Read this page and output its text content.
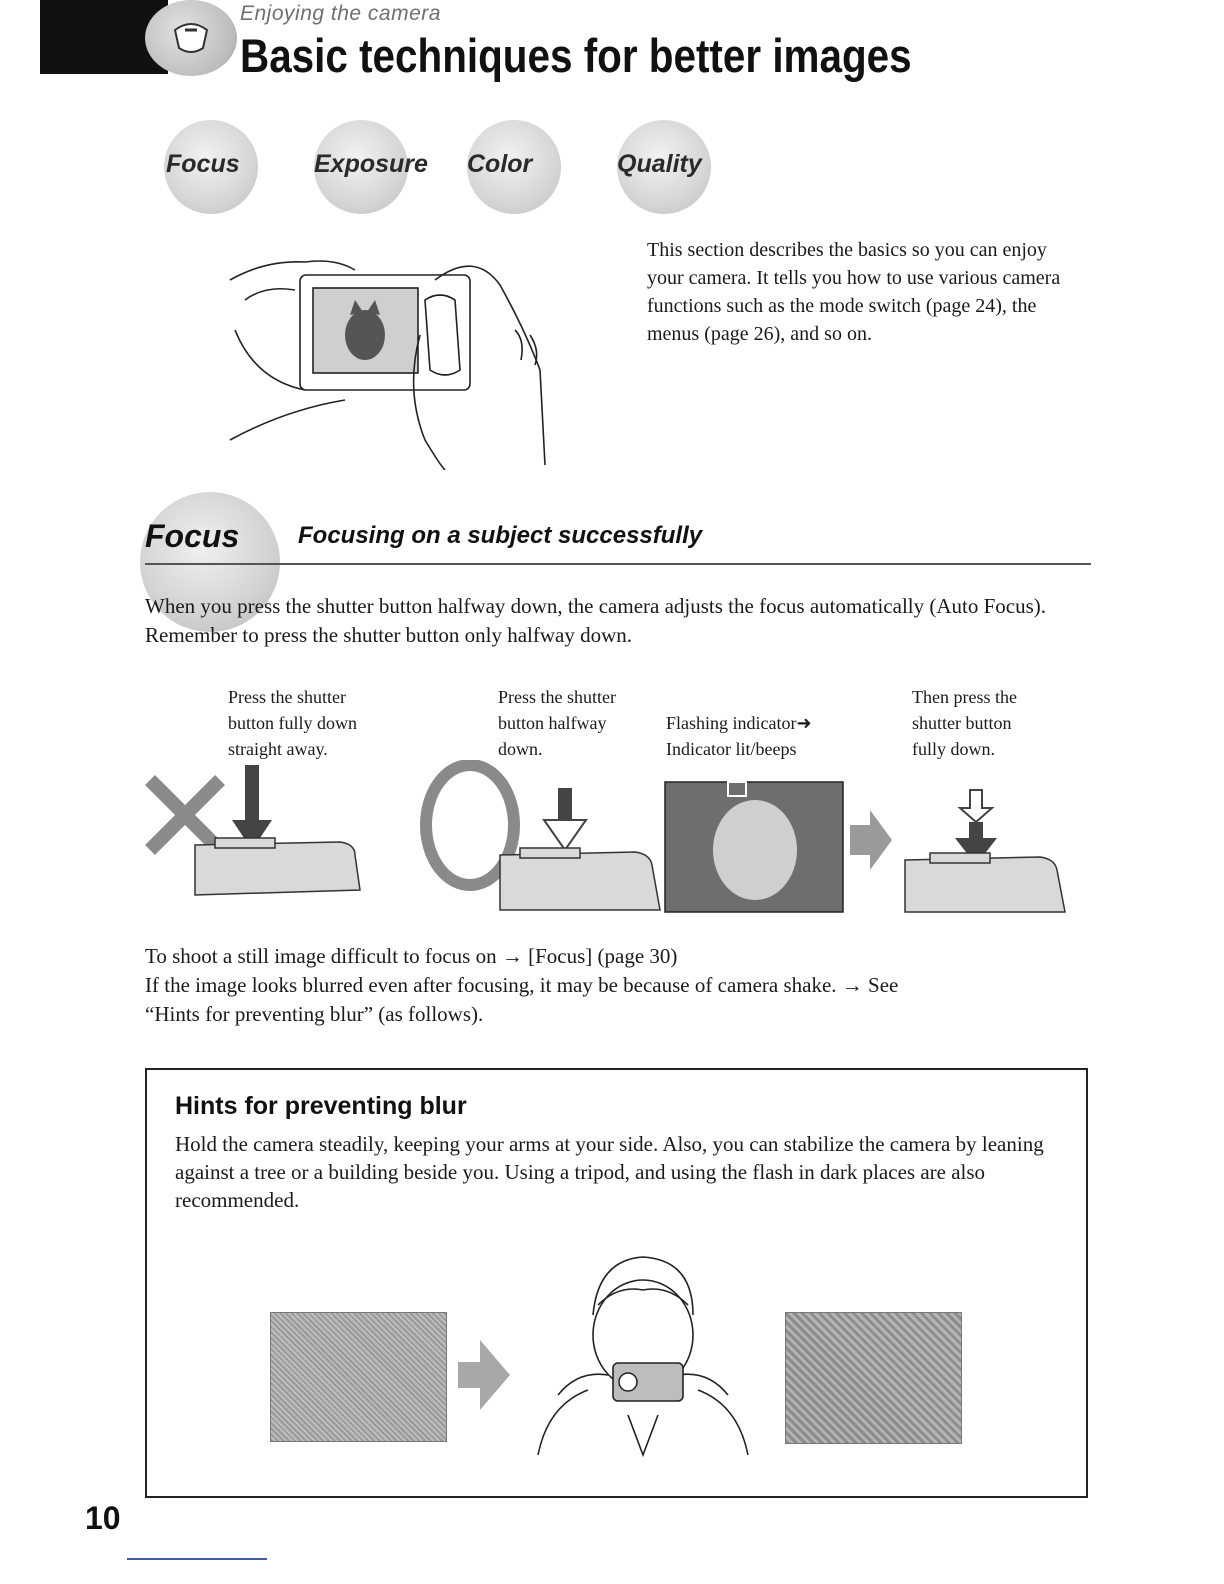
Enjoying the camera
Basic techniques for better images
Focus	Exposure Color	Quality
This section describes the basics so you can enjoy your camera. It tells you how to use various camera functions such as the mode switch (page 24), the menus (page 26), and so on.
Focus Focusing on a subject successfully
When you press the shutter button halfway down, the camera adjusts the focus automatically (Auto Focus). Remember to press the shutter button only halfway down.
Press the shutter
button fully down
straight away.
Press the shutter
button halfway
down.
Flashing indicator➜
Indicator lit/beeps
Then press the
shutter button
fully down.
To shoot a still image difficult to focus on → [Focus] (page 30)
If the image looks blurred even after focusing, it may be because of camera shake. → See
“Hints for preventing blur” (as follows).
Hints for preventing blur
Hold the camera steadily, keeping your arms at your side. Also, you can stabilize the camera by leaning against a tree or a building beside you. Using a tripod, and using the flash in dark places are also recommended.
10
